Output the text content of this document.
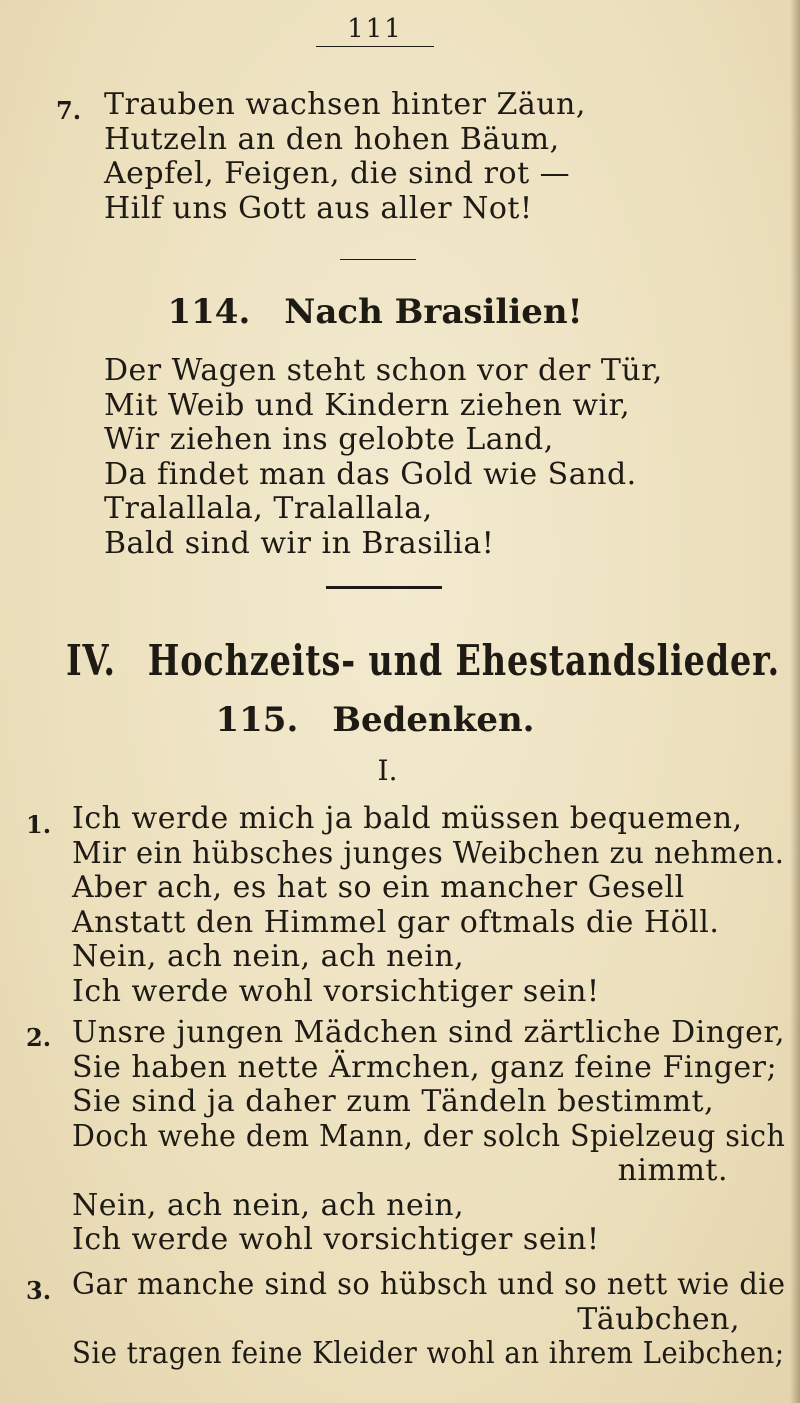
111
7. Trauben wachsen hinter Zäun,
Hutzeln an den hohen Bäum,
Aepfel, Feigen, die sind rot —
Hilf uns Gott aus aller Not!
114. Nach Brasilien!
Der Wagen steht schon vor der Tür,
Mit Weib und Kindern ziehen wir,
Wir ziehen ins gelobte Land,
Da findet man das Gold wie Sand.
Tralallala, Tralallala,
Bald sind wir in Brasilia!
IV. Hochzeits- und Ehestandslieder.
115. Bedenken.
I.
1. Ich werde mich ja bald müssen bequemen,
Mir ein hübsches junges Weibchen zu nehmen.
Aber ach, es hat so ein mancher Gesell
Anstatt den Himmel gar oftmals die Höll.
Nein, ach nein, ach nein,
Ich werde wohl vorsichtiger sein!
2. Unsre jungen Mädchen sind zärtliche Dinger,
Sie haben nette Ärmchen, ganz feine Finger;
Sie sind ja daher zum Tändeln bestimmt,
Doch wehe dem Mann, der solch Spielzeug sich
nimmt.
Nein, ach nein, ach nein,
Ich werde wohl vorsichtiger sein!
3. Gar manche sind so hübsch und so nett wie die
Täubchen,
Sie tragen feine Kleider wohl an ihrem Leibchen;
